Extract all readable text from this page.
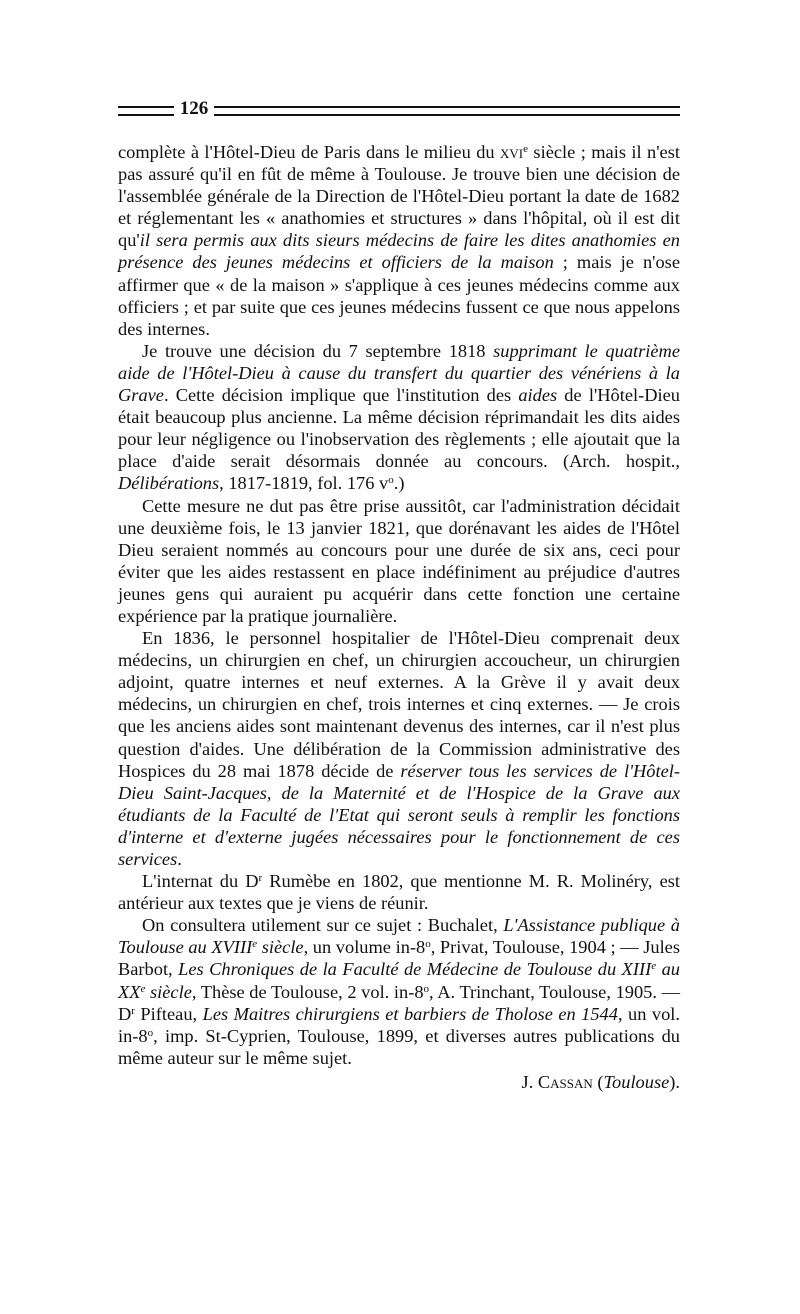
126

complète à l'Hôtel-Dieu de Paris dans le milieu du xvi$^e$ siècle ; mais il n'est pas assuré qu'il en fût de même à Toulouse. Je trouve bien une décision de l'assemblée générale de la Direction de l'Hôtel-Dieu portant la date de 1682 et réglementant les « anathomies et structures » dans l'hôpital, où il est dit qu'il sera permis aux dits sieurs médecins de faire les dites anathomies en présence des jeunes médecins et officiers de la maison ; mais je n'ose affirmer que « de la maison » s'applique à ces jeunes médecins comme aux officiers ; et par suite que ces jeunes médecins fussent ce que nous appelons des internes.

Je trouve une décision du 7 septembre 1818 supprimant le quatrième aide de l'Hôtel-Dieu à cause du transfert du quartier des vénériens à la Grave. Cette décision implique que l'institution des aides de l'Hôtel-Dieu était beaucoup plus ancienne. La même décision réprimandait les dits aides pour leur négligence ou l'inobservation des règlements ; elle ajoutait que la place d'aide serait désormais donnée au concours. (Arch. hospit., Délibérations, 1817-1819, fol. 176 $v^o$.)

Cette mesure ne dut pas être prise aussitôt, car l'administration décidait une deuxième fois, le 13 janvier 1821, que dorénavant les aides de l'Hôtel Dieu seraient nommés au concours pour une durée de six ans, ceci pour éviter que les aides restassent en place indéfiniment au préjudice d'autres jeunes gens qui auraient pu acquérir dans cette fonction une certaine expérience par la pratique journalière.

En 1836, le personnel hospitalier de l'Hôtel-Dieu comprenait deux médecins, un chirurgien en chef, un chirurgien accoucheur, un chirurgien adjoint, quatre internes et neuf externes. A la Grève il y avait deux médecins, un chirurgien en chef, trois internes et cinq externes. — Je crois que les anciens aides sont maintenant devenus des internes, car il n'est plus question d'aides. Une délibération de la Commission administrative des Hospices du 28 mai 1878 décide de réserver tous les services de l'Hôtel-Dieu Saint-Jacques, de la Maternité et de l'Hospice de la Grave aux étudiants de la Faculté de l'Etat qui seront seuls à remplir les fonctions d'interne et d'externe jugées nécessaires pour le fonctionnement de ces services.

L'internat du $D^r$ Rumèbe en 1802, que mentionne M. R. Molinéry, est antérieur aux textes que je viens de réunir.

On consultera utilement sur ce sujet : Buchalet, L'Assistance publique à Toulouse au XVIIIe siècle, un volume in-8$^o$, Privat, Toulouse, 1904 ; — Jules Barbot, Les Chroniques de la Faculté de Médecine de Toulouse du XIIIe au XXe siècle, Thèse de Toulouse, 2 vol. in-8$^o$, A. Trinchant, Toulouse, 1905. — $D^r$ Pifteau, Les Maitres chirurgiens et barbiers de Tholose en 1544, un vol. in-8$^o$, imp. St-Cyprien, Toulouse, 1899, et diverses autres publications du même auteur sur le même sujet.

J. Cassan (Toulouse).
